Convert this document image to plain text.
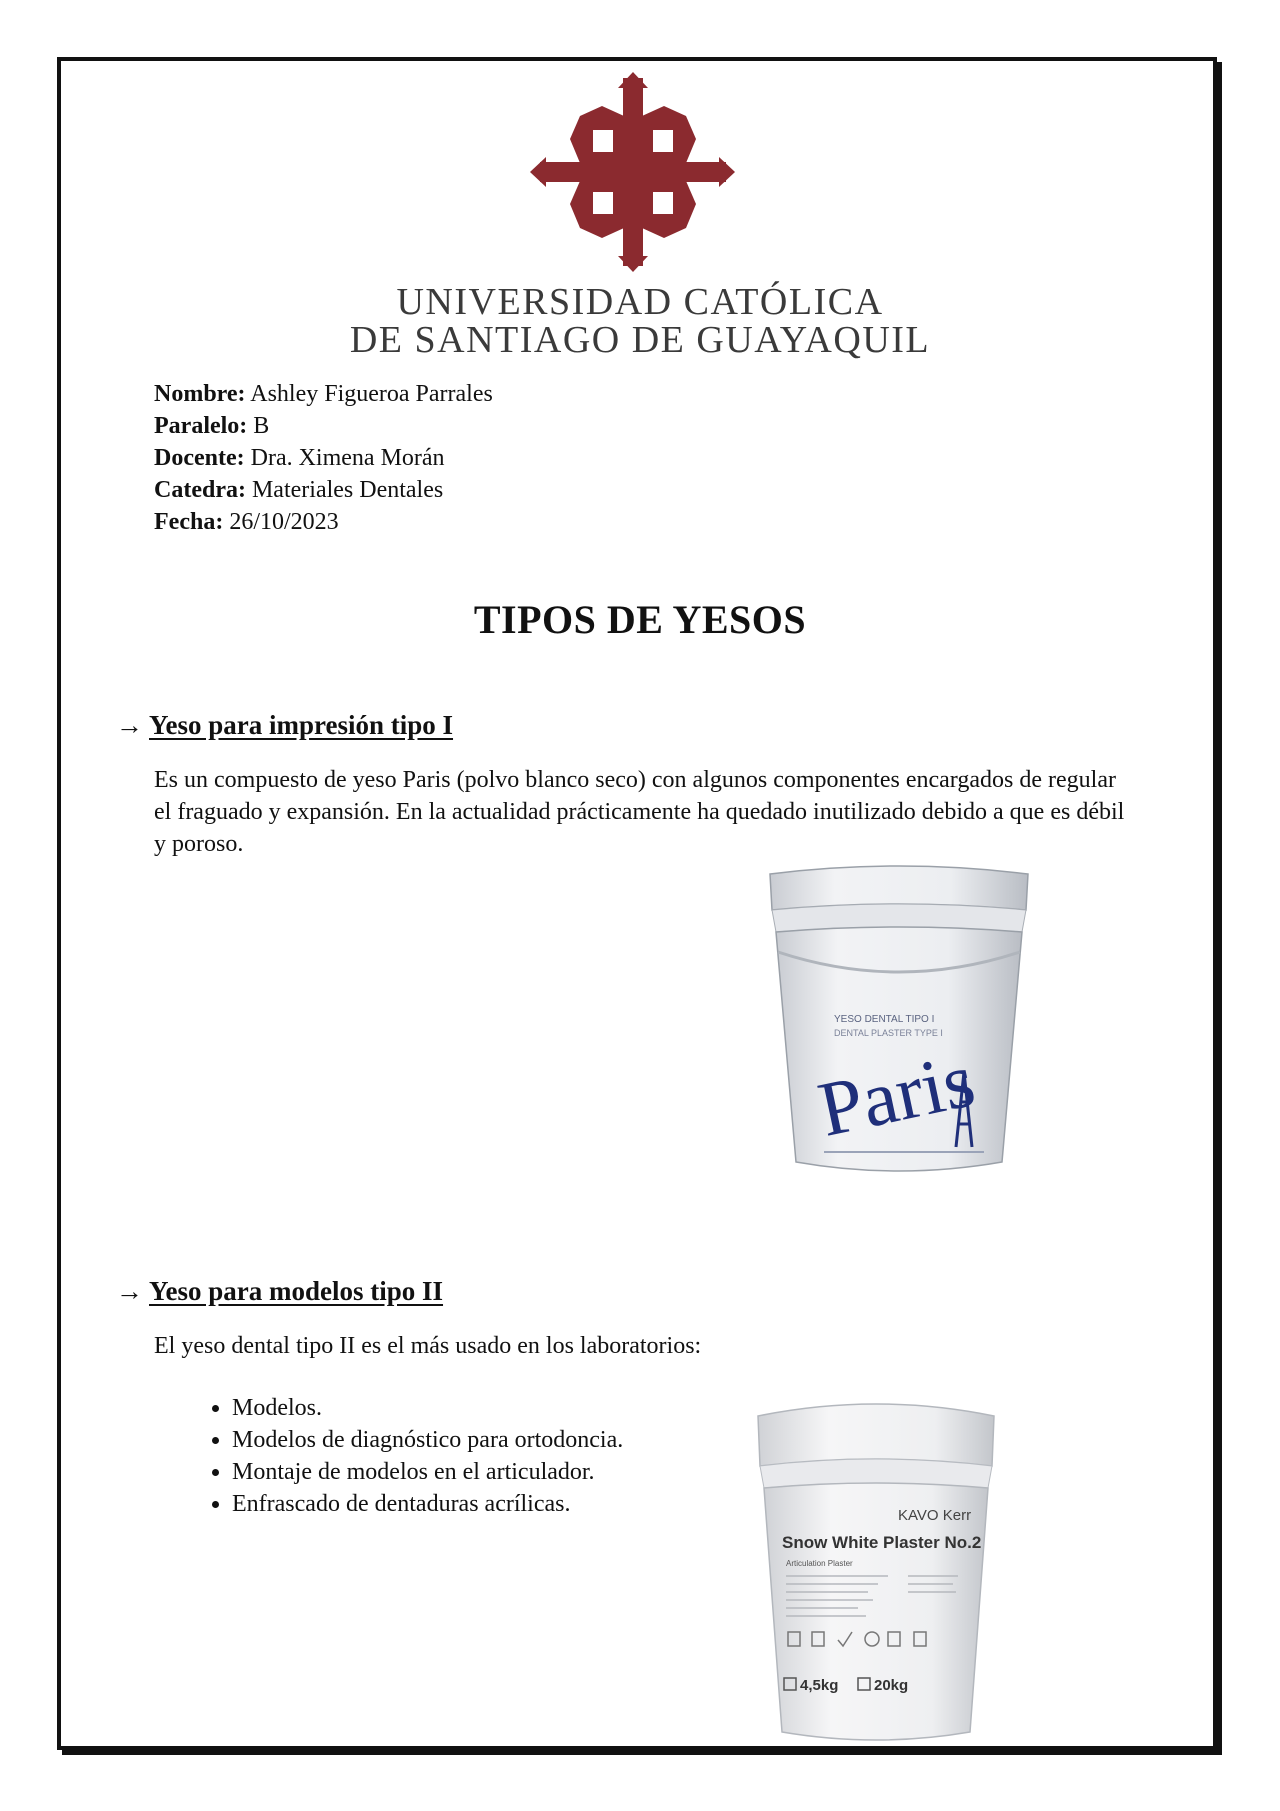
UNIVERSIDAD CATÓLICA
DE SANTIAGO DE GUAYAQUIL
Nombre: Ashley Figueroa Parrales
Paralelo: B
Docente: Dra. Ximena Morán
Catedra: Materiales Dentales
Fecha: 26/10/2023
TIPOS DE YESOS
→ Yeso para impresión tipo I
Es un compuesto de yeso Paris (polvo blanco seco) con algunos componentes encargados de regular el fraguado y expansión. En la actualidad prácticamente ha quedado inutilizado debido a que es débil y poroso.
YESO DENTAL TIPO I
DENTAL PLASTER TYPE I
Paris
→ Yeso para modelos tipo II
El yeso dental tipo II es el más usado en los laboratorios:
• Modelos.
• Modelos de diagnóstico para ortodoncia.
• Montaje de modelos en el articulador.
• Enfrascado de dentaduras acrílicas.	KAVO Kerr
Snow White Plaster No.2
Articulation Plaster
4,5kg 20kg
